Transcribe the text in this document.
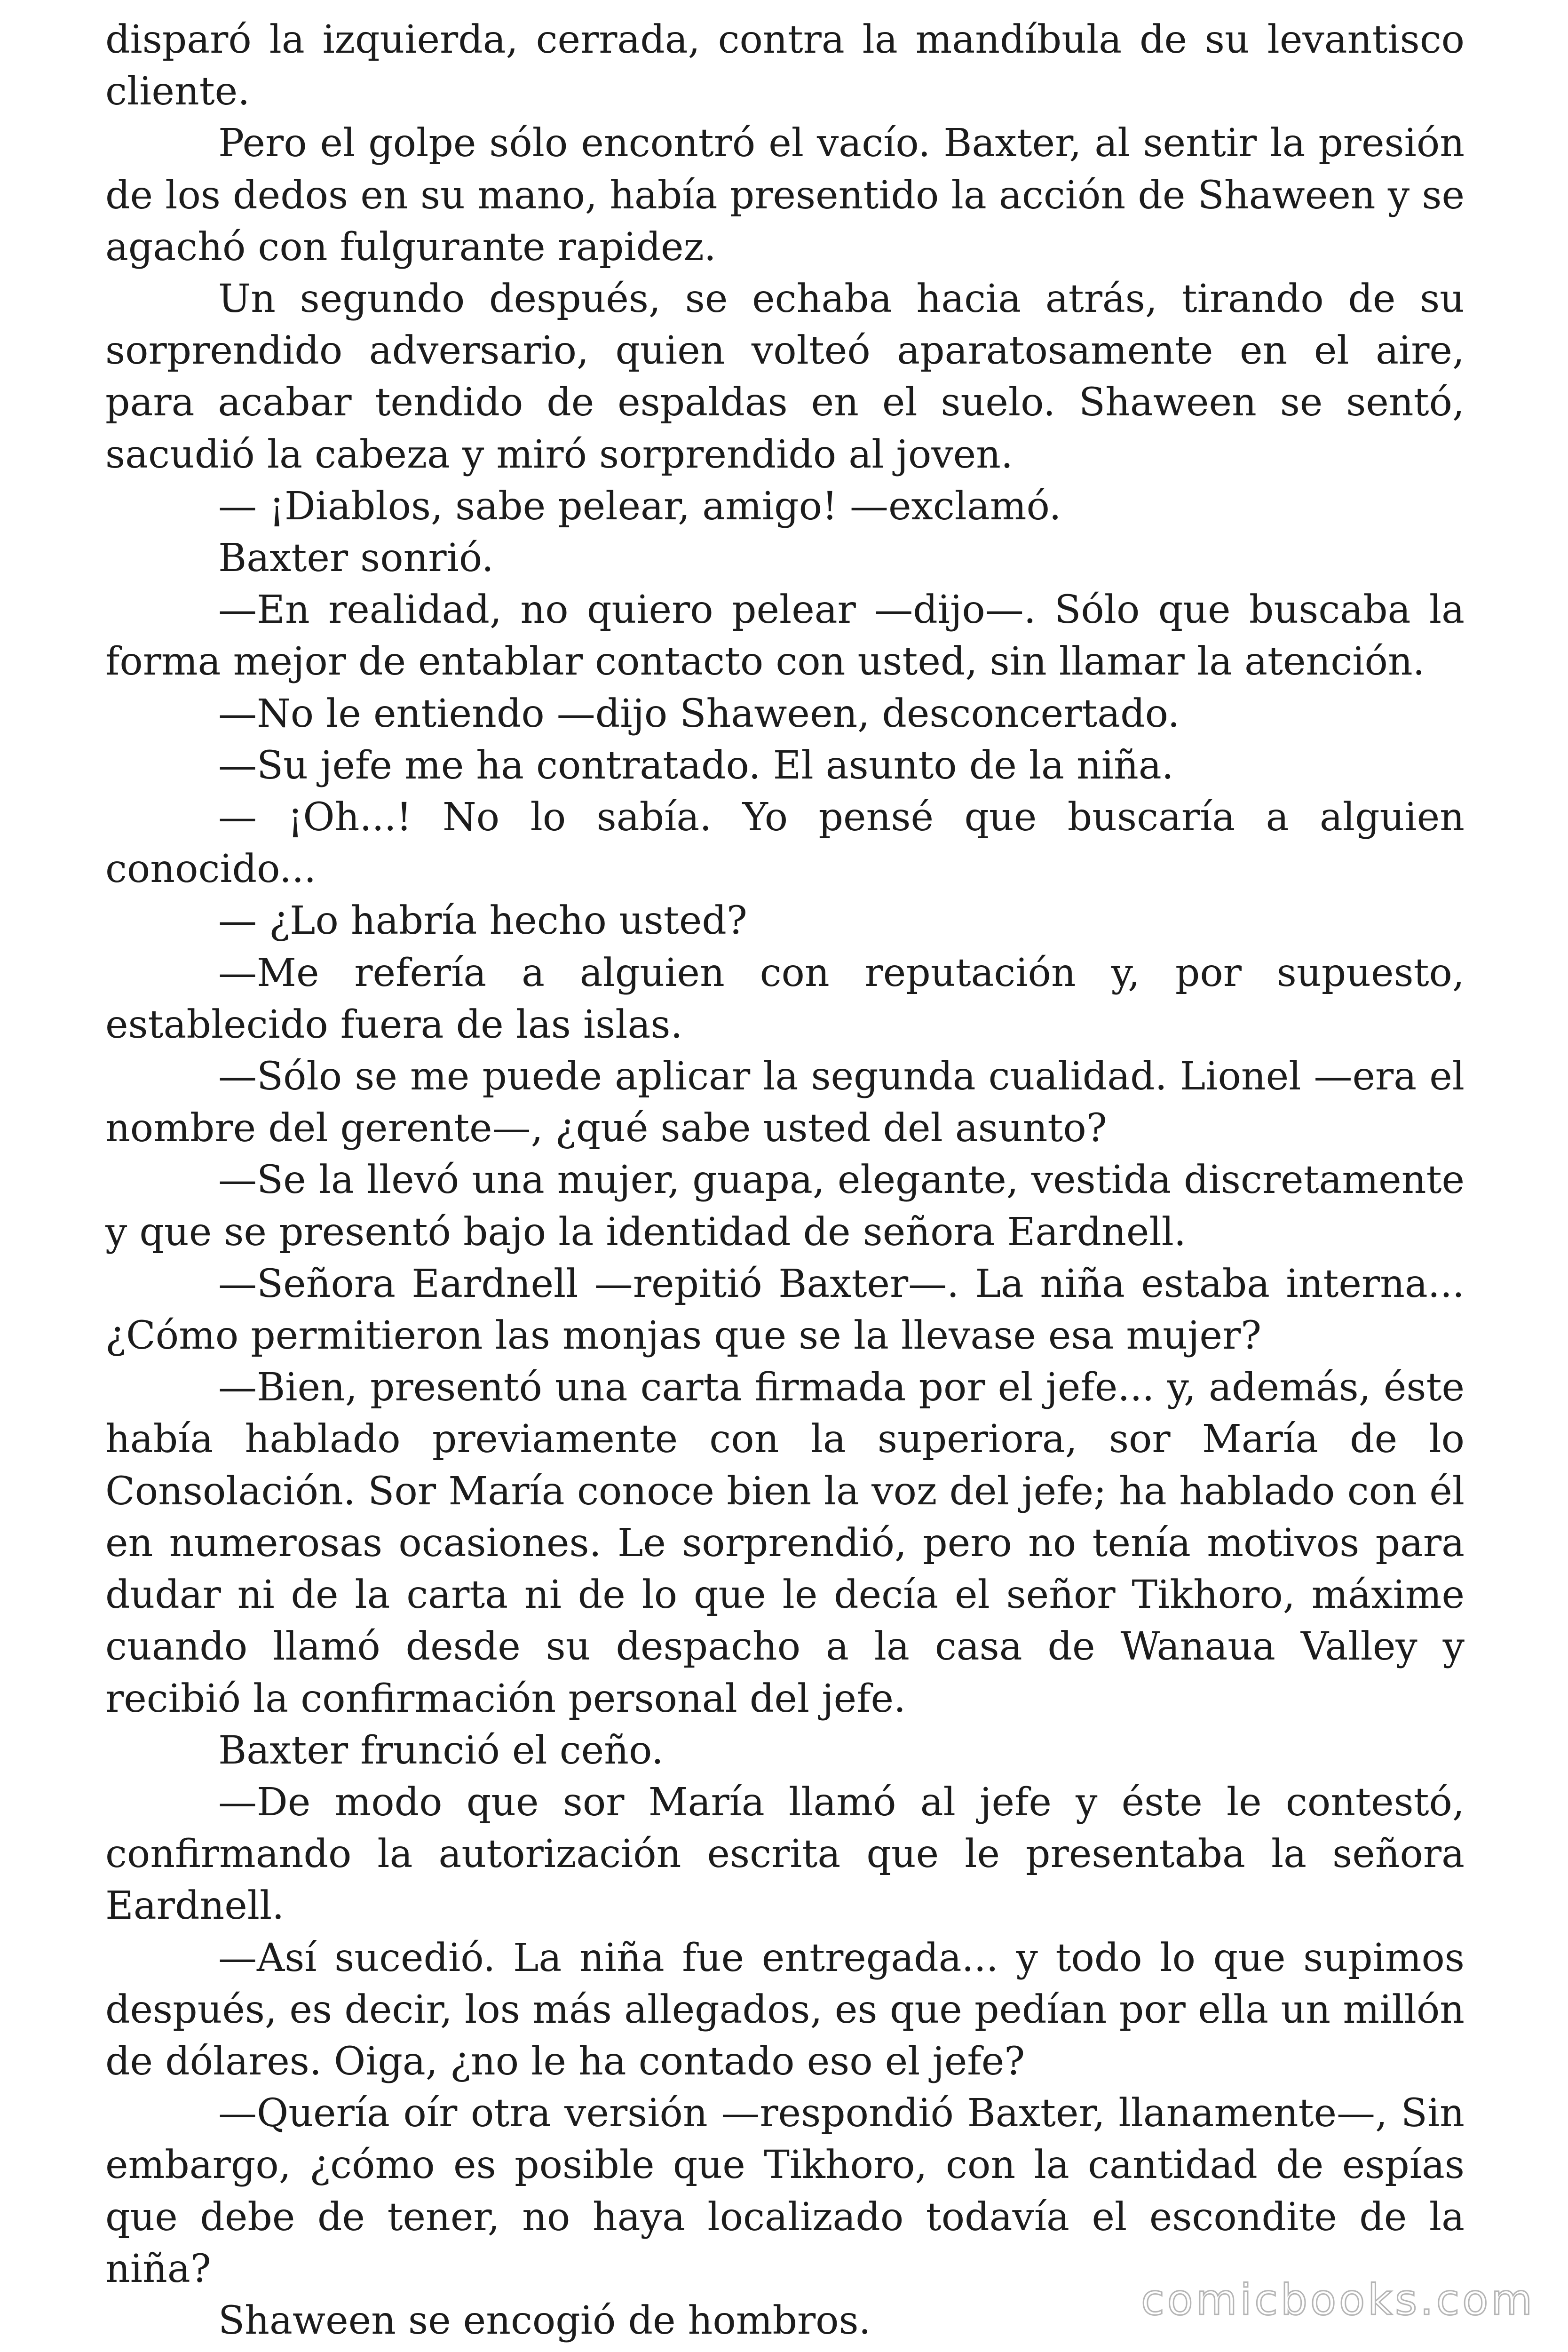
disparó la izquierda, cerrada, contra la mandíbula de su levantisco cliente.

Pero el golpe sólo encontró el vacío. Baxter, al sentir la presión de los dedos en su mano, había presentido la acción de Shaween y se agachó con fulgurante rapidez.

Un segundo después, se echaba hacia atrás, tirando de su sorprendido adversario, quien volteó aparatosamente en el aire, para acabar tendido de espaldas en el suelo. Shaween se sentó, sacudió la cabeza y miró sorprendido al joven.

— ¡Diablos, sabe pelear, amigo! —exclamó.

Baxter sonrió.

—En realidad, no quiero pelear —dijo—. Sólo que buscaba la forma mejor de entablar contacto con usted, sin llamar la atención.

—No le entiendo —dijo Shaween, desconcertado.

—Su jefe me ha contratado. El asunto de la niña.

— ¡Oh...! No lo sabía. Yo pensé que buscaría a alguien conocido...

— ¿Lo habría hecho usted?

—Me refería a alguien con reputación y, por supuesto, establecido fuera de las islas.

—Sólo se me puede aplicar la segunda cualidad. Lionel —era el nombre del gerente—, ¿qué sabe usted del asunto?

—Se la llevó una mujer, guapa, elegante, vestida discretamente y que se presentó bajo la identidad de señora Eardnell.

—Señora Eardnell —repitió Baxter—. La niña estaba interna... ¿Cómo permitieron las monjas que se la llevase esa mujer?

—Bien, presentó una carta firmada por el jefe... y, además, éste había hablado previamente con la superiora, sor María de lo Consolación. Sor María conoce bien la voz del jefe; ha hablado con él en numerosas ocasiones. Le sorprendió, pero no tenía motivos para dudar ni de la carta ni de lo que le decía el señor Tikhoro, máxime cuando llamó desde su despacho a la casa de Wanaua Valley y recibió la confirmación personal del jefe.

Baxter frunció el ceño.

—De modo que sor María llamó al jefe y éste le contestó, confirmando la autorización escrita que le presentaba la señora Eardnell.

—Así sucedió. La niña fue entregada... y todo lo que supimos después, es decir, los más allegados, es que pedían por ella un millón de dólares. Oiga, ¿no le ha contado eso el jefe?

—Quería oír otra versión —respondió Baxter, llanamente—, Sin embargo, ¿cómo es posible que Tikhoro, con la cantidad de espías que debe de tener, no haya localizado todavía el escondite de la niña?

Shaween se encogió de hombros.	comicbooks.com
